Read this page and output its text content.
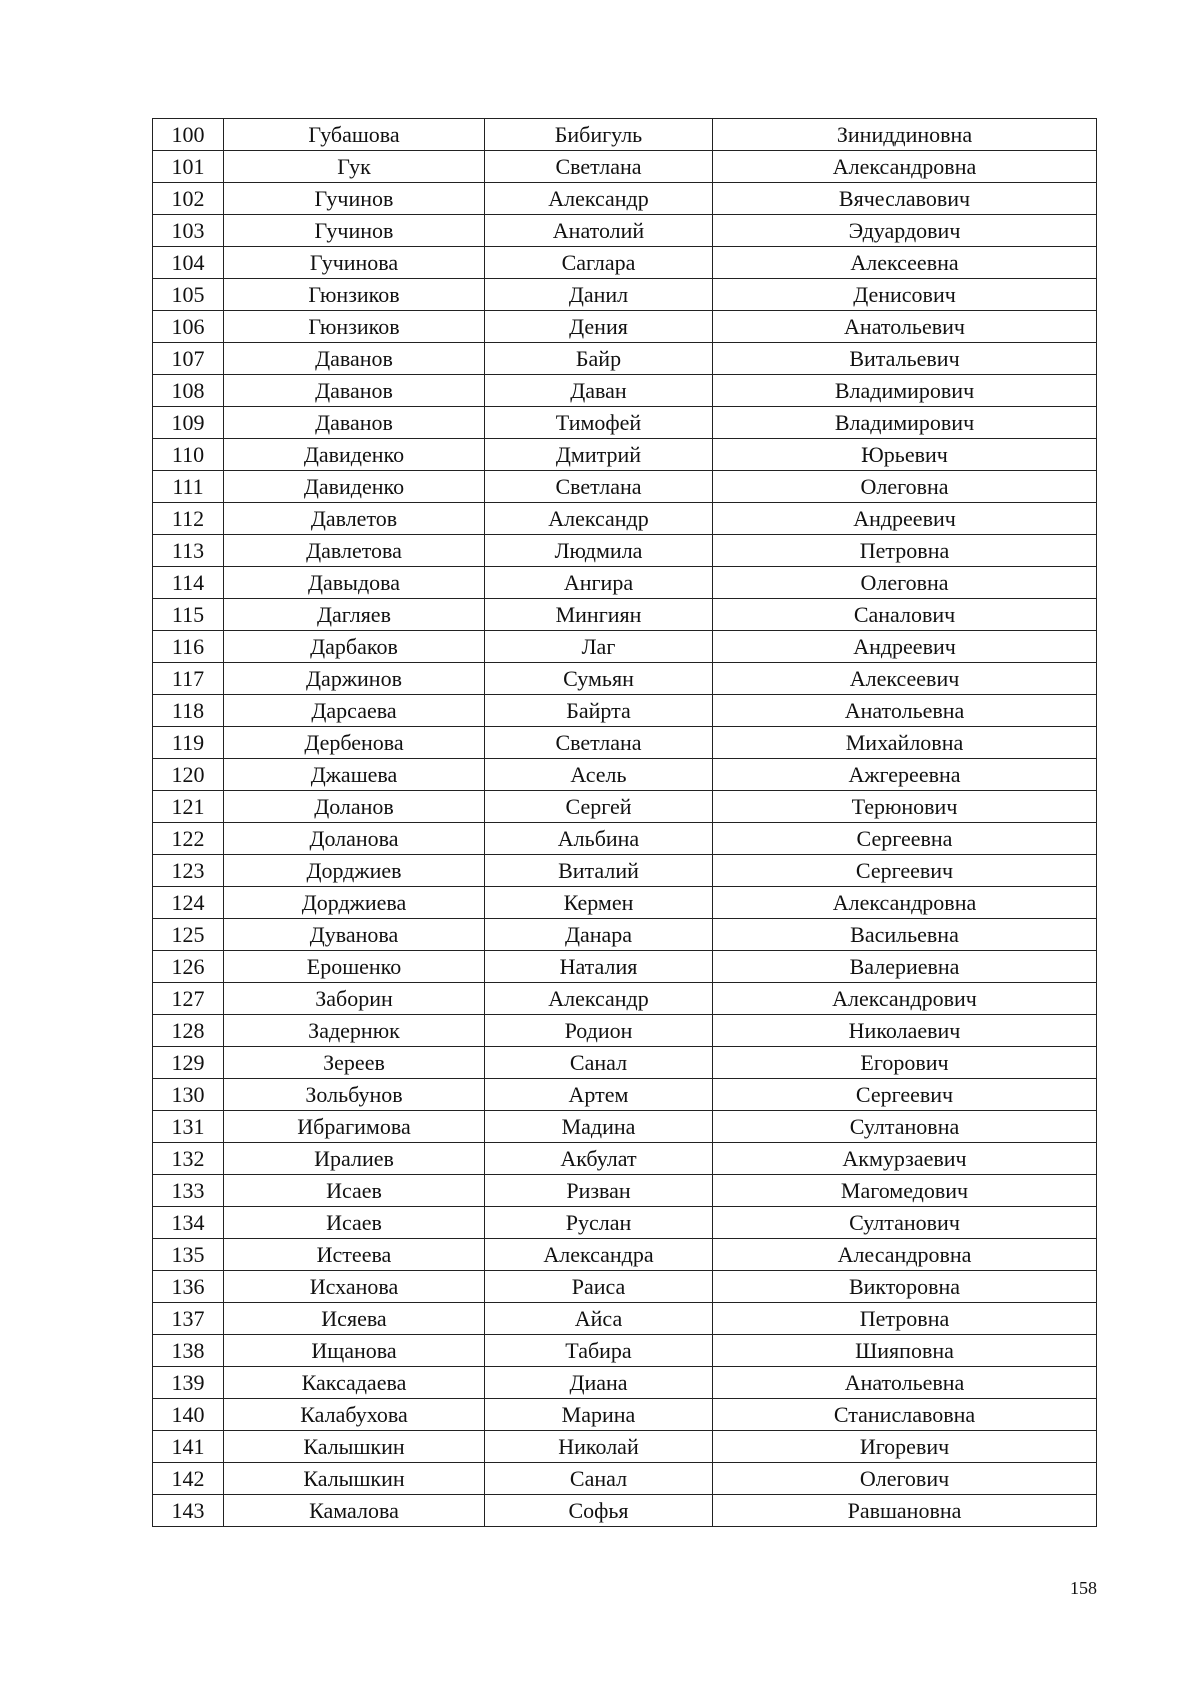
100	Губашова	Бибигуль	Зиниддиновна
101	Гук	Светлана	Александровна
102	Гучинов	Александр	Вячеславович
103	Гучинов	Анатолий	Эдуардович
104	Гучинова	Саглара	Алексеевна
105	Гюнзиков	Данил	Денисович
106	Гюнзиков	Дения	Анатольевич
107	Даванов	Байр	Витальевич
108	Даванов	Даван	Владимирович
109	Даванов	Тимофей	Владимирович
110	Давиденко	Дмитрий	Юрьевич
111	Давиденко	Светлана	Олеговна
112	Давлетов	Александр	Андреевич
113	Давлетова	Людмила	Петровна
114	Давыдова	Ангира	Олеговна
115	Дагляев	Мингиян	Саналович
116	Дарбаков	Лаг	Андреевич
117	Даржинов	Сумьян	Алексеевич
118	Дарсаева	Байрта	Анатольевна
119	Дербенова	Светлана	Михайловна
120	Джашева	Асель	Ажгереевна
121	Доланов	Сергей	Терюнович
122	Доланова	Альбина	Сергеевна
123	Дорджиев	Виталий	Сергеевич
124	Дорджиева	Кермен	Александровна
125	Дуванова	Данара	Васильевна
126	Ерошенко	Наталия	Валериевна
127	Заборин	Александр	Александрович
128	Задернюк	Родион	Николаевич
129	Зереев	Санал	Егорович
130	Зольбунов	Артем	Сергеевич
131	Ибрагимова	Мадина	Султановна
132	Иралиев	Акбулат	Акмурзаевич
133	Исаев	Ризван	Магомедович
134	Исаев	Руслан	Султанович
135	Истеева	Александра	Алесандровна
136	Исханова	Раиса	Викторовна
137	Исяева	Айса	Петровна
138	Ищанова	Табира	Шияповна
139	Каксадаева	Диана	Анатольевна
140	Калабухова	Марина	Станиславовна
141	Калышкин	Николай	Игоревич
142	Калышкин	Санал	Олегович
143	Камалова	Софья	Равшановна
158
